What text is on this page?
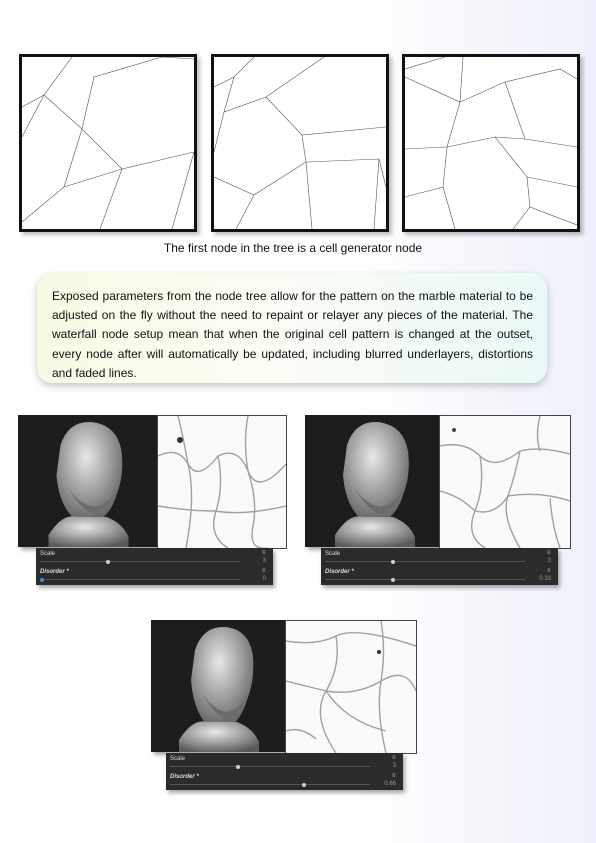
The first node in the tree is a cell generator node

Exposed parameters from the node tree allow for the pattern on the marble material to be adjusted on the fly without the need to repaint or relayer any pieces of the material. The waterfall node setup mean that when the original cell pattern is changed at the outset, every node after will automatically be updated, including blurred underlayers, distortions and faded lines.

Scale	≡
3
Disorder *	≡
0
Scale	≡
3
Disorder *	≡
0.33
Scale	≡
3
Disorder *	≡
0.66
